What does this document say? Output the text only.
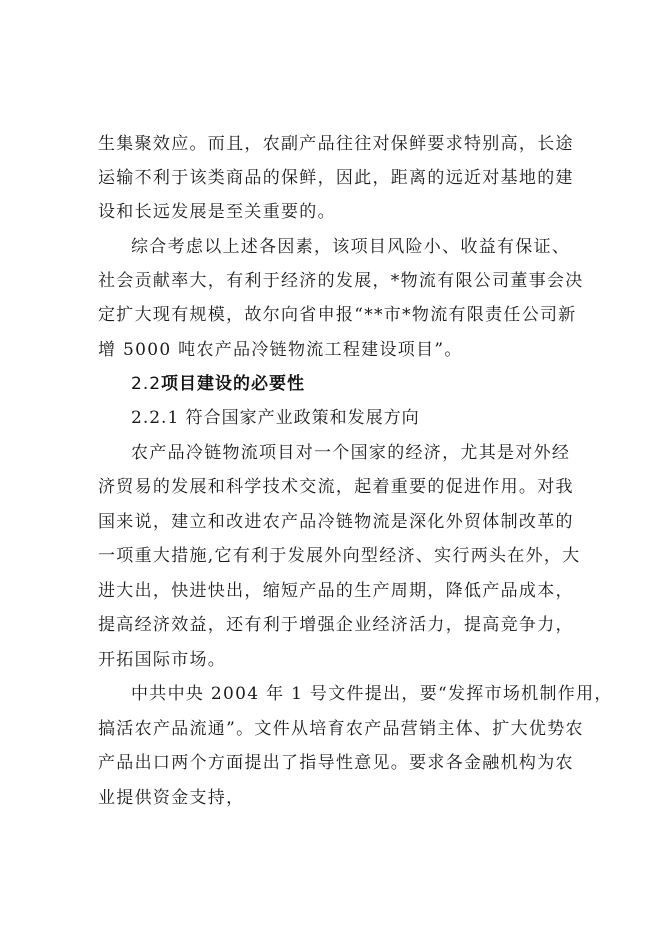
生集聚效应。而且，农副产品往往对保鲜要求特别高，长途
运输不利于该类商品的保鲜，因此，距离的远近对基地的建
设和长远发展是至关重要的。
综合考虑以上述各因素，该项目风险小、收益有保证、
社会贡献率大，有利于经济的发展，*物流有限公司董事会决
定扩大现有规模，故尔向省申报“**市*物流有限责任公司新
增 5000 吨农产品冷链物流工程建设项目”。
2.2项目建设的必要性
2.2.1 符合国家产业政策和发展方向
农产品冷链物流项目对一个国家的经济，尤其是对外经
济贸易的发展和科学技术交流，起着重要的促进作用。对我
国来说，建立和改进农产品冷链物流是深化外贸体制改革的
一项重大措施,它有利于发展外向型经济、实行两头在外，大
进大出，快进快出，缩短产品的生产周期，降低产品成本，
提高经济效益，还有利于增强企业经济活力，提高竞争力，
开拓国际市场。
中共中央 2004 年 1 号文件提出，要“发挥市场机制作用，
搞活农产品流通”。文件从培育农产品营销主体、扩大优势农
产品出口两个方面提出了指导性意见。要求各金融机构为农
业提供资金支持，
